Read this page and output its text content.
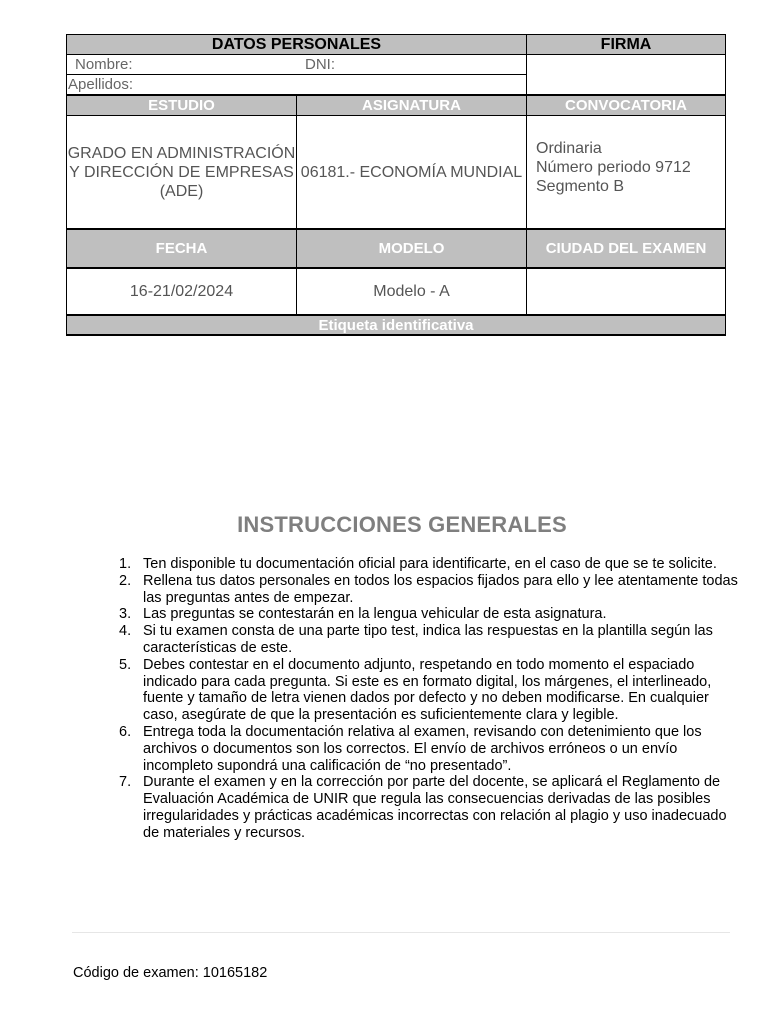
DATOS PERSONALES		FIRMA

Nombre: DNI:		

Apellidos:		
ESTUDIO	ASIGNATURA	CONVOCATORIA
GRADO EN ADMINISTRACIÓN Y DIRECCIÓN DE EMPRESAS (ADE)	06181.- ECONOMÍA MUNDIAL	Ordinaria
Número periodo 9712
Segmento B

FECHA	MODELO	CIUDAD DEL EXAMEN
16-21/02/2024	Modelo - A	
Etiqueta identificativa		
INSTRUCCIONES GENERALES
1. Ten disponible tu documentación oficial para identificarte, en el caso de que se te solicite.
2. Rellena tus datos personales en todos los espacios fijados para ello y lee atentamente todas las preguntas antes de empezar.
3. Las preguntas se contestarán en la lengua vehicular de esta asignatura.
4. Si tu examen consta de una parte tipo test, indica las respuestas en la plantilla según las características de este.
5. Debes contestar en el documento adjunto, respetando en todo momento el espaciado indicado para cada pregunta. Si este es en formato digital, los márgenes, el interlineado, fuente y tamaño de letra vienen dados por defecto y no deben modificarse. En cualquier caso, asegúrate de que la presentación es suficientemente clara y legible.
6. Entrega toda la documentación relativa al examen, revisando con detenimiento que los archivos o documentos son los correctos. El envío de archivos erróneos o un envío incompleto supondrá una calificación de “no presentado”.
7. Durante el examen y en la corrección por parte del docente, se aplicará el Reglamento de Evaluación Académica de UNIR que regula las consecuencias derivadas de las posibles irregularidades y prácticas académicas incorrectas con relación al plagio y uso inadecuado de materiales y recursos.
Código de examen: 10165182
